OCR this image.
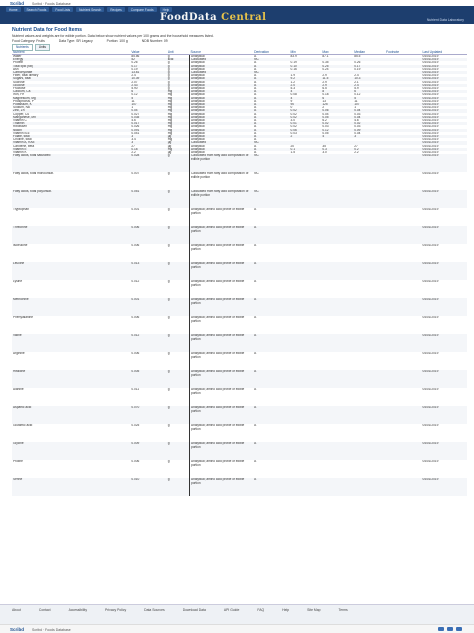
Scribd Scribd · Foods Database
Home	Search Foods	Food Lists	Nutrient Search	Recipes	Compare Foods	Help
FoodData Central	Nutrient Data Laboratory
Nutrient Data for Food Items
Nutrient values and weights are for edible portion. Data below show nutrient values per 100 grams and the household measures listed.
Food Category: Fruits	Data Type: SR Legacy	Portion: 100 g	NDB Number: 09
Nutrients	Units
Nutrient	Value	Unit	Source	Derivation	Min	Max	Median	Footnote	Last Updated
Water	85.56	g	Analytical	A	83.9	87.1	85.5		04/01/2019
Energy	52	kcal	Calculated	NC					04/01/2019
Protein	0.26	g	Analytical	A	0.19	0.35	0.26		04/01/2019
Total lipid (fat)	0.17	g	Analytical	A	0.10	0.25	0.17		04/01/2019
Ash	0.19	g	Analytical	A	0.16	0.24	0.19		04/01/2019
Carbohydrate	13.81	g	Calculated	NC					04/01/2019
Fiber, total dietary	2.4	g	Analytical	A	1.9	2.9	2.4		04/01/2019
Sugars, total	10.39	g	Analytical	A	9.2	11.5	10.3		04/01/2019
Sucrose	2.07	g	Analytical	A	1.2	2.9	2.1		04/01/2019
Glucose	2.43	g	Analytical	A	2.0	2.9	2.4		04/01/2019
Fructose	5.90	g	Analytical	A	5.3	6.5	5.9		04/01/2019
Calcium, Ca	6	mg	Analytical	A	4	8	6		04/01/2019
Iron, Fe	0.12	mg	Analytical	A	0.08	0.18	0.12		04/01/2019
Magnesium, Mg	5	mg	Analytical	A	4	6	5		04/01/2019
Phosphorus, P	11	mg	Analytical	A	9	13	11		04/01/2019
Potassium, K	107	mg	Analytical	A	90	125	107		04/01/2019
Sodium, Na	1	mg	Analytical	A	0	2	1		04/01/2019
Zinc, Zn	0.04	mg	Analytical	A	0.02	0.06	0.04		04/01/2019
Copper, Cu	0.027	mg	Analytical	A	0.02	0.04	0.03		04/01/2019
Manganese, Mn	0.035	mg	Analytical	A	0.02	0.05	0.04		04/01/2019
Vitamin C	4.6	mg	Analytical	A	3.0	6.2	4.6		04/01/2019
Thiamin	0.017	mg	Analytical	A	0.01	0.02	0.02		04/01/2019
Riboflavin	0.026	mg	Analytical	A	0.02	0.03	0.03		04/01/2019
Niacin	0.091	mg	Analytical	A	0.06	0.12	0.09		04/01/2019
Vitamin B-6	0.041	mg	Analytical	A	0.03	0.05	0.04		04/01/2019
Folate, total	3	µg	Analytical	A	2	4	3		04/01/2019
Choline, total	3.4	mg	Analytical	A					04/01/2019
Vitamin A, RAE	3	µg	Calculated	NC					04/01/2019
Carotene, beta	27	µg	Analytical	A	20	35	27		04/01/2019
Vitamin E	0.18	mg	Analytical	A	0.1	0.3	0.2		04/01/2019
Vitamin K	2.2	µg	Analytical	A	1.5	3.0	2.2		04/01/2019
Fatty acids, total saturated	0.028	g	Calculated from fatty acid composition of edible portion	NC					04/01/2019
Fatty acids, total monounsat.	0.007	g	Calculated from fatty acid composition of edible portion	NC					04/01/2019
Fatty acids, total polyunsat.	0.051	g	Calculated from fatty acid composition of edible portion	NC					04/01/2019
Tryptophan	0.001	g	Analytical; amino acid profile of edible portion	A					04/01/2019
Threonine	0.006	g	Analytical; amino acid profile of edible portion	A					04/01/2019
Isoleucine	0.006	g	Analytical; amino acid profile of edible portion	A					04/01/2019
Leucine	0.013	g	Analytical; amino acid profile of edible portion	A					04/01/2019
Lysine	0.012	g	Analytical; amino acid profile of edible portion	A					04/01/2019
Methionine	0.001	g	Analytical; amino acid profile of edible portion	A					04/01/2019
Phenylalanine	0.006	g	Analytical; amino acid profile of edible portion	A					04/01/2019
Valine	0.012	g	Analytical; amino acid profile of edible portion	A					04/01/2019
Arginine	0.006	g	Analytical; amino acid profile of edible portion	A					04/01/2019
Histidine	0.005	g	Analytical; amino acid profile of edible portion	A					04/01/2019
Alanine	0.011	g	Analytical; amino acid profile of edible portion	A					04/01/2019
Aspartic acid	0.070	g	Analytical; amino acid profile of edible portion	A					04/01/2019
Glutamic acid	0.025	g	Analytical; amino acid profile of edible portion	A					04/01/2019
Glycine	0.009	g	Analytical; amino acid profile of edible portion	A					04/01/2019
Proline	0.006	g	Analytical; amino acid profile of edible portion	A					04/01/2019
Serine	0.010	g	Analytical; amino acid profile of edible portion	A					04/01/2019
About	Contact	Accessibility	Privacy Policy	Data Sources	Download Data	API Guide	FAQ	Help	Site Map	Terms
Scribd Scribd · Foods Database
